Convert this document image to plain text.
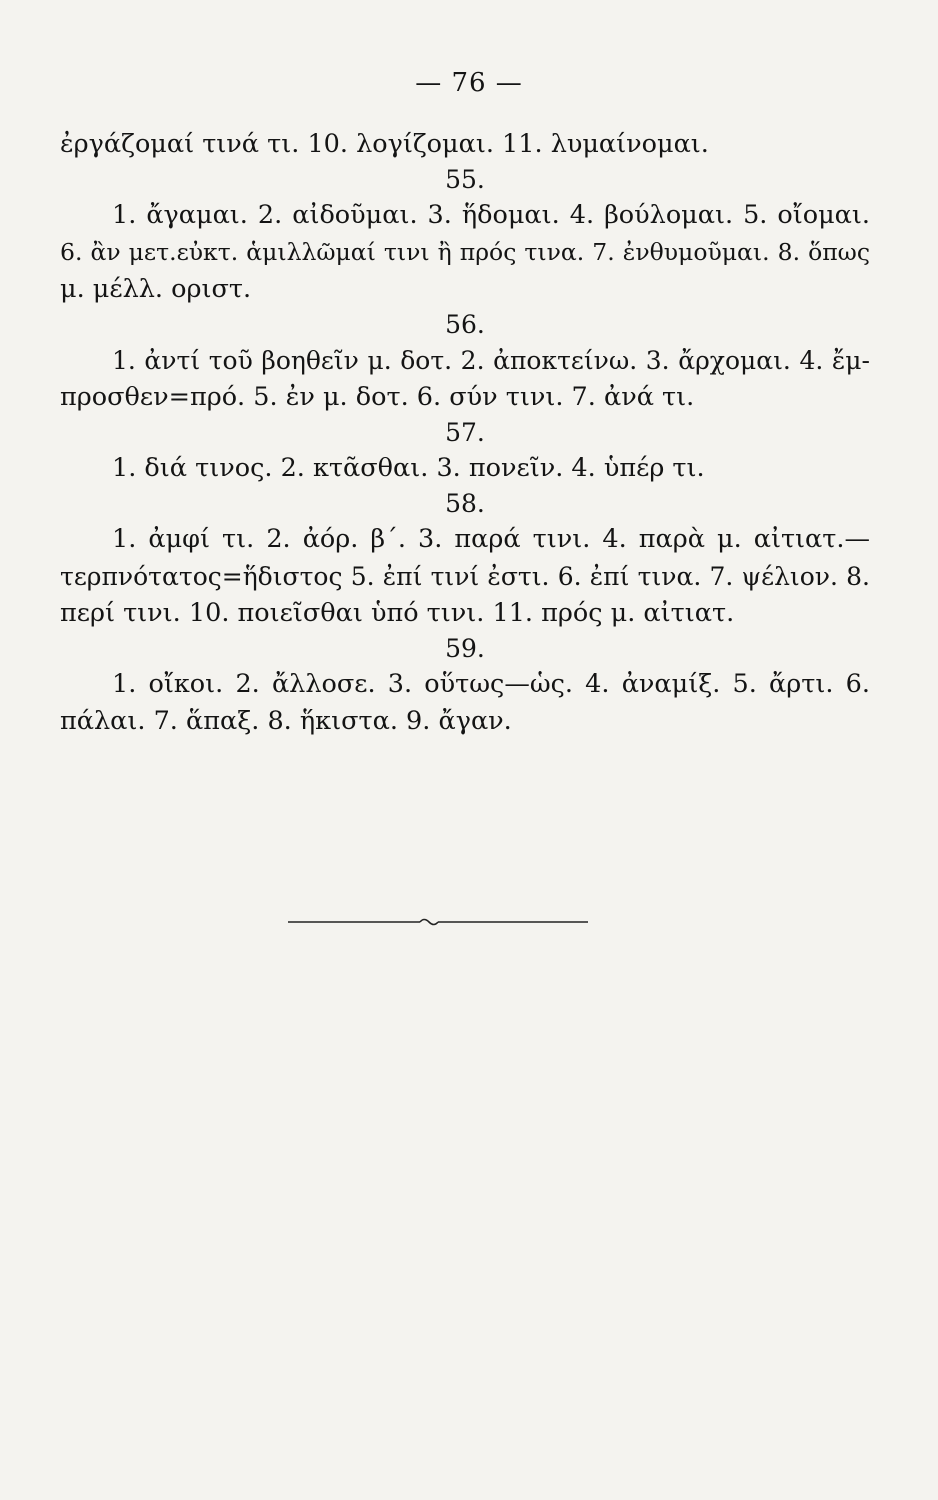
— 76 —
ἐργάζομαί τινά τι. 10. λογίζομαι. 11. λυμαίνομαι.
55.
1. ἄγαμαι. 2. αἰδοῦμαι. 3. ἥδομαι. 4. βούλομαι. 5. οἴομαι.
6. ἂν μετ.εὐκτ. ἁμιλλῶμαί τινι ἢ πρός τινα. 7. ἐνθυμοῦμαι. 8. ὅπως
μ. μέλλ. οριστ.
56.
1. ἀντί τοῦ βοηθεῖν μ. δοτ. 2. ἀποκτείνω. 3. ἄρχομαι. 4. ἔμ-
προσθεν=πρό. 5. ἐν μ. δοτ. 6. σύν τινι. 7. ἀνά τι.
57.
1. διά τινος. 2. κτᾶσθαι. 3. πονεῖν. 4. ὑπέρ τι.
58.
1. ἀμφί τι. 2. ἀόρ. β΄. 3. παρά τινι. 4. παρὰ μ. αἰτιατ.—
τερπνότατος=ἥδιστος 5. ἐπί τινί ἐστι. 6. ἐπί τινα. 7. ψέλιον. 8.
περί τινι. 10. ποιεῖσθαι ὑπό τινι. 11. πρός μ. αἰτιατ.
59.
1. οἴκοι. 2. ἄλλοσε. 3. οὕτως—ὡς. 4. ἀναμίξ. 5. ἄρτι. 6.
πάλαι. 7. ἅπαξ. 8. ἥκιστα. 9. ἄγαν.
